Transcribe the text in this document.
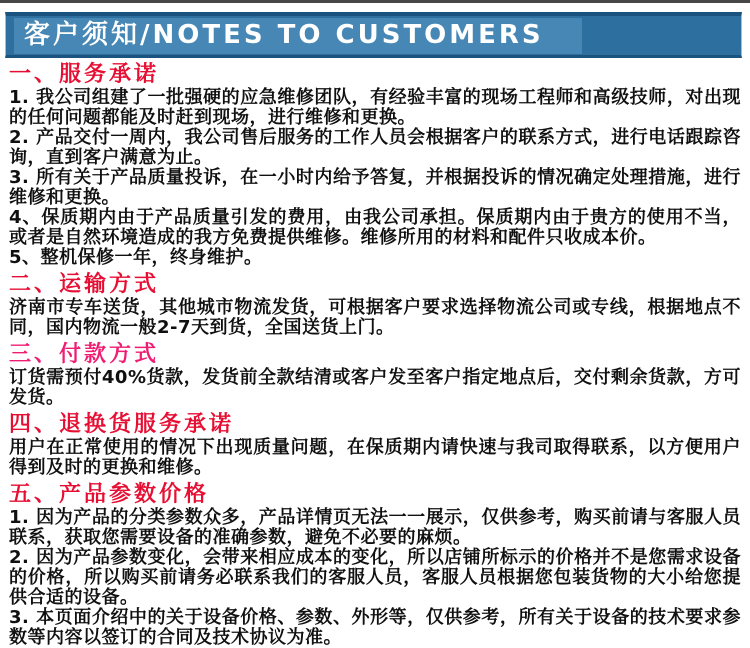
客户须知/NOTES TO CUSTOMERS
一、服务承诺

1. 我公司组建了一批强硬的应急维修团队，有经验丰富的现场工程师和高级技师，对出现的任何问题都能及时赶到现场，进行维修和更换。

2. 产品交付一周内，我公司售后服务的工作人员会根据客户的联系方式，进行电话跟踪咨询，直到客户满意为止。

3. 所有关于产品质量投诉，在一小时内给予答复，并根据投诉的情况确定处理措施，进行维修和更换。

4、保质期内由于产品质量引发的费用，由我公司承担。保质期内由于贵方的使用不当，或者是自然环境造成的我方免费提供维修。维修所用的材料和配件只收成本价。

5、整机保修一年，终身维护。

二、运输方式

济南市专车送货，其他城市物流发货，可根据客户要求选择物流公司或专线，根据地点不同，国内物流一般2-7天到货，全国送货上门。

三、付款方式

订货需预付40%货款，发货前全款结清或客户发至客户指定地点后，交付剩余货款，方可发货。

四、退换货服务承诺

用户在正常使用的情况下出现质量问题，在保质期内请快速与我司取得联系，以方便用户得到及时的更换和维修。

五、产品参数价格

1. 因为产品的分类参数众多，产品详情页无法一一展示，仅供参考，购买前请与客服人员联系，获取您需要设备的准确参数，避免不必要的麻烦。

2. 因为产品参数变化，会带来相应成本的变化，所以店铺所标示的价格并不是您需求设备的价格，所以购买前请务必联系我们的客服人员，客服人员根据您包装货物的大小给您提供合适的设备。

3. 本页面介绍中的关于设备价格、参数、外形等，仅供参考，所有关于设备的技术要求参数等内容以签订的合同及技术协议为准。
